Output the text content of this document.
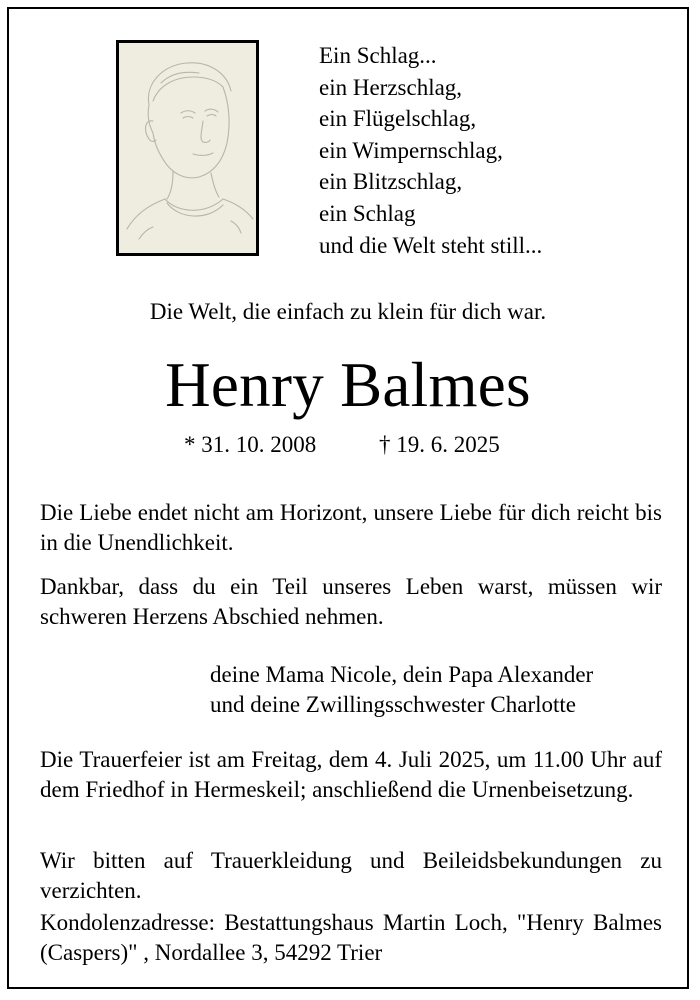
Ein Schlag...
ein Herzschlag,
ein Flügelschlag,
ein Wimpernschlag,
ein Blitzschlag,
ein Schlag
und die Welt steht still...
Die Welt, die einfach zu klein für dich war.
Henry Balmes
* 31. 10. 2008	† 19. 6. 2025
Die Liebe endet nicht am Horizont, unsere Liebe für dich reicht bis in die Unendlichkeit.
Dankbar, dass du ein Teil unseres Leben warst, müssen wir schweren Herzens Abschied nehmen.
deine Mama Nicole, dein Papa Alexander
und deine Zwillingsschwester Charlotte
Die Trauerfeier ist am Freitag, dem 4. Juli 2025, um 11.00 Uhr auf dem Friedhof in Hermeskeil; anschließend die Urnenbeisetzung.
Wir bitten auf Trauerkleidung und Beileidsbekundungen zu verzichten.
Kondolenzadresse: Bestattungshaus Martin Loch, "Henry Balmes (Caspers)" , Nordallee 3, 54292 Trier
